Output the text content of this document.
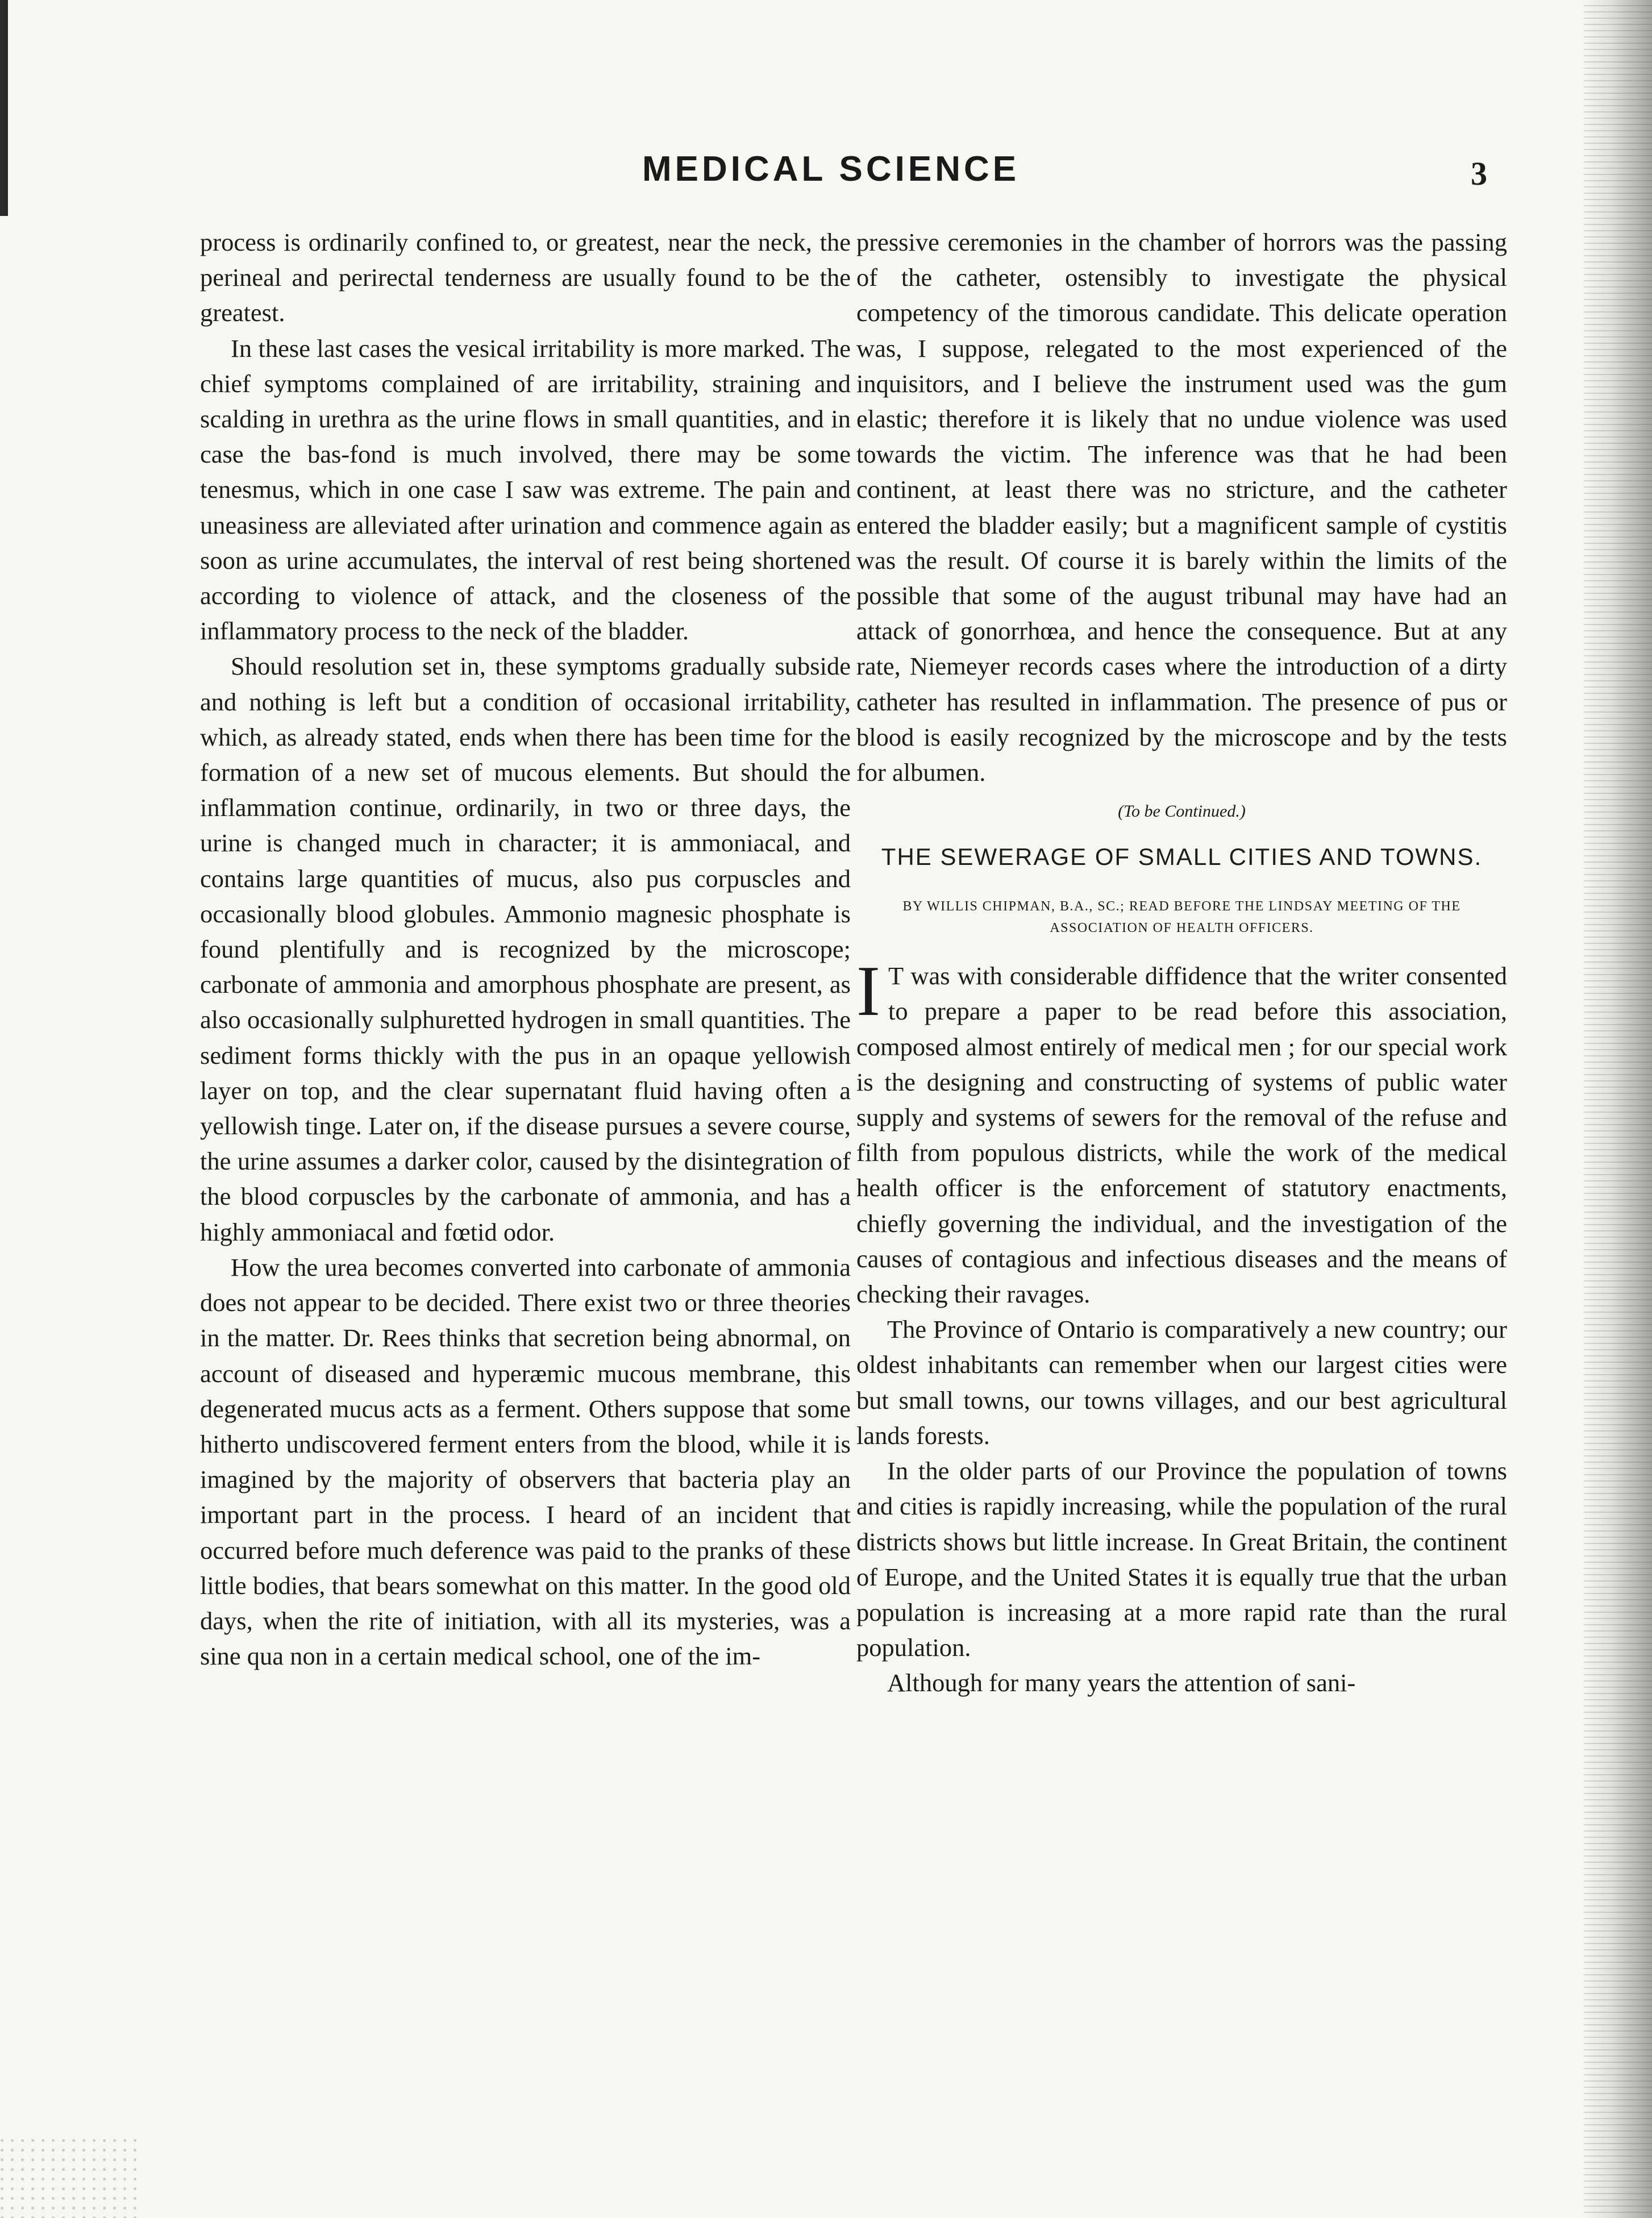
MEDICAL SCIENCE	3

process is ordinarily confined to, or greatest, near the neck, the perineal and perirectal tenderness are usually found to be the greatest.

In these last cases the vesical irritability is more marked. The chief symptoms complained of are irritability, straining and scalding in urethra as the urine flows in small quantities, and in case the bas-fond is much involved, there may be some tenesmus, which in one case I saw was extreme. The pain and uneasiness are alleviated after urination and commence again as soon as urine accumulates, the interval of rest being shortened according to violence of attack, and the closeness of the inflammatory process to the neck of the bladder.

Should resolution set in, these symptoms gradually subside and nothing is left but a condition of occasional irritability, which, as already stated, ends when there has been time for the formation of a new set of mucous elements. But should the inflammation continue, ordinarily, in two or three days, the urine is changed much in character; it is ammoniacal, and contains large quantities of mucus, also pus corpuscles and occasionally blood globules. Ammonio magnesic phosphate is found plentifully and is recognized by the microscope; carbonate of ammonia and amorphous phosphate are present, as also occasionally sulphuretted hydrogen in small quantities. The sediment forms thickly with the pus in an opaque yellowish layer on top, and the clear supernatant fluid having often a yellowish tinge. Later on, if the disease pursues a severe course, the urine assumes a darker color, caused by the disintegration of the blood corpuscles by the carbonate of ammonia, and has a highly ammoniacal and fœtid odor.

How the urea becomes converted into carbonate of ammonia does not appear to be decided. There exist two or three theories in the matter. Dr. Rees thinks that secretion being abnormal, on account of diseased and hyperæmic mucous membrane, this degenerated mucus acts as a ferment. Others suppose that some hitherto undiscovered ferment enters from the blood, while it is imagined by the majority of observers that bacteria play an important part in the process. I heard of an incident that occurred before much deference was paid to the pranks of these little bodies, that bears somewhat on this matter. In the good old days, when the rite of initiation, with all its mysteries, was a sine qua non in a certain medical school, one of the im-

pressive ceremonies in the chamber of horrors was the passing of the catheter, ostensibly to investigate the physical competency of the timorous candidate. This delicate operation was, I suppose, relegated to the most experienced of the inquisitors, and I believe the instrument used was the gum elastic; therefore it is likely that no undue violence was used towards the victim. The inference was that he had been continent, at least there was no stricture, and the catheter entered the bladder easily; but a magnificent sample of cystitis was the result. Of course it is barely within the limits of the possible that some of the august tribunal may have had an attack of gonorrhœa, and hence the consequence. But at any rate, Niemeyer records cases where the introduction of a dirty catheter has resulted in inflammation. The presence of pus or blood is easily recognized by the microscope and by the tests for albumen.

(To be Continued.)

THE SEWERAGE OF SMALL CITIES AND TOWNS.

BY WILLIS CHIPMAN, B.A., SC.; READ BEFORE THE LINDSAY MEETING OF THE ASSOCIATION OF HEALTH OFFICERS.

I T was with considerable diffidence that the writer consented to prepare a paper to be read before this association, composed almost entirely of medical men ; for our special work is the designing and constructing of systems of public water supply and systems of sewers for the removal of the refuse and filth from populous districts, while the work of the medical health officer is the enforcement of statutory enactments, chiefly governing the individual, and the investigation of the causes of contagious and infectious diseases and the means of checking their ravages.

The Province of Ontario is comparatively a new country; our oldest inhabitants can remember when our largest cities were but small towns, our towns villages, and our best agricultural lands forests.

In the older parts of our Province the population of towns and cities is rapidly increasing, while the population of the rural districts shows but little increase. In Great Britain, the continent of Europe, and the United States it is equally true that the urban population is increasing at a more rapid rate than the rural population.

Although for many years the attention of sani-
